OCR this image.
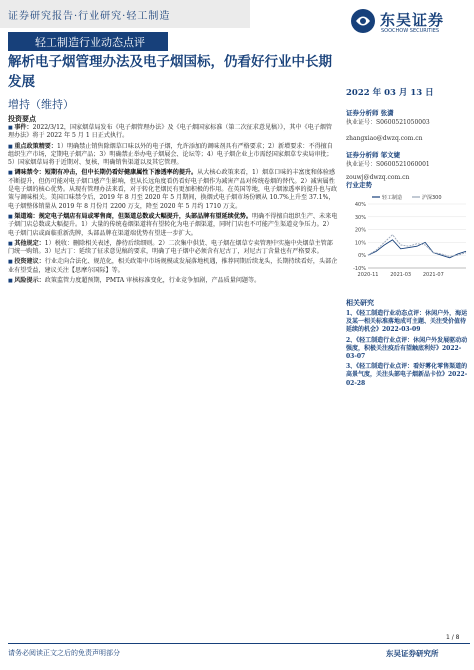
证券研究报告·行业研究·轻工制造
轻工制造行业动态点评
东吴证券
SOOCHOW SECURITIES
解析电子烟管理办法及电子烟国标，仍看好行业中长期发展
增持（维持）
投资要点

■ 事件：2022/3/12，国家烟草局发布《电子烟管理办法》及《电子烟国家标准（第二次征求意见稿）》，其中《电子烟管理办法》将于 2022 年 5 月 1 日正式执行。

■ 重点政策精要：1）明确禁止销售除烟草口味以外的电子烟，允许添加的调味剂具有严格要求；2）新增要求：不得擅自组织生产市场，定期电子烟产品；3）明确禁止举办电子烟展会、论坛等；4）电子烟企业上市需经国家烟草专卖局审批；5）国家烟草局将于近期对、复核，明确销售渠道以及其它管理。

■ 调味禁令：短期有冲击，但中长期仍看好健康属性下渗透率的提升。从大核心政策来看，1）烟草口味的丰富度和体验感不断提升，但仍可能对电子烟口感产生影响，但从长远角度看仍看好电子烟作为减害产品对传统卷烟的替代。2）减害属性是电子烟的核心优势。从现有管理办法来看，对于转化老烟民有更加积极的作用。在英国等地，电子烟渗透率的提升也与政策与调味相关。美国口味禁令后，2019 年 8 月至 2020 年 5 月期间，换烟式电子烟市场份额从 10.7%上升至 37.1%，电子烟整体销量从 2019 年 8 月份月 2200 万支，降至 2020 年 5 月约 1710 万支。

■ 渠道端：规定电子烟店有局或零售商，但渠道总数或大幅提升，头部品牌有望延续优势。明确不得擅自组织生产、未来电子烟门店总数或大幅提升。1）大量的传统卷烟渠道将有望转化为电子烟渠道，同时门店也不可能产生渠道竞争压力。2）电子烟门店或面临重新洗牌，头部品牌在渠道端优势有望进一步扩大。

■ 其他规定：1）税收：删除相关表述，静待后续细则。2）二次集中供货、电子烟在烟草专卖管理中实施中央烟草主管部门统一购销。3）尼古丁：延续了征求意见稿的要求，明确了电子烟中必须含有尼古丁，对尼古丁含量也有严格要求。

■ 投资建议：行业走向合法化、规范化，相关政策中市场规模或发展落地机遇，推荐同期后续龙头，长期持续看好，头部企业有望受益，建议关注【思摩尔国际】等。

■ 风险提示：政策监管力度超预期，PMTA 审核标准变化，行业竞争加剧，产品质量问题等。

2022 年 03 月 13 日
证券分析师 张潇
执业证号：S0600521050003
zhangxiao@dwzq.com.cn
证券分析师 邹文婕
执业证号：S0600521060001
zouwj@dwzq.com.cn
行业走势
40%
30%
20%
10%
0%
-10%
2020-11 2021-03 2021-07
轻工制造	沪深300
相关研究

1、《轻工制造行业动态点评：休闲户外，海运及某一相关标准落地成可主题、关注受价值待延续的机会》2022-03-09

2、《轻工制造行业点评：休闲户外发展驱动动强度，积极关注疫后有望触底利好》2022-03-07

3、《轻工制造行业点评：看好雾化零售渠道的高景气度，关注头部电子烟新品卡位》2022-02-28

1 / 8
请务必阅读正文之后的免责声明部分	东吴证券研究所
